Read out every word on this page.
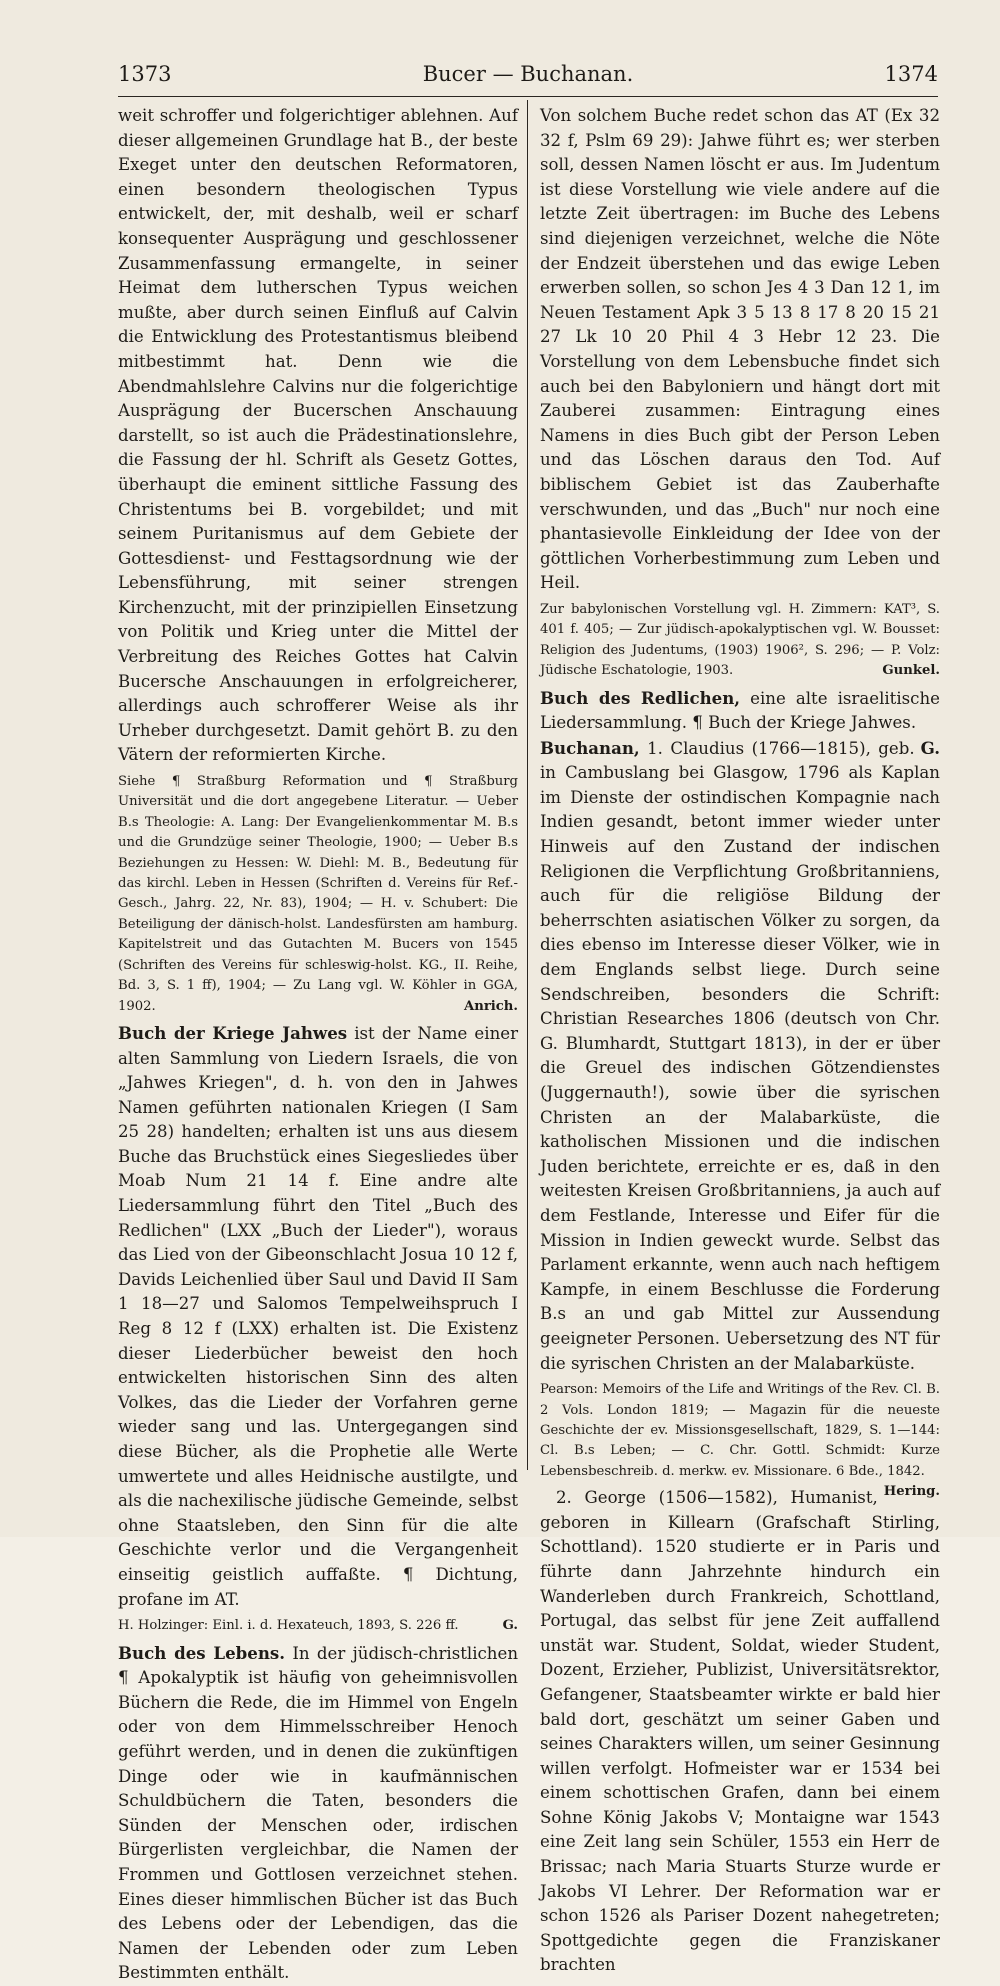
1373	Bucer — Buchanan.	1374

weit schroffer und folgerichtiger ablehnen. Auf dieser allgemeinen Grundlage hat B., der beste Exeget unter den deutschen Reformatoren, einen besondern theologischen Typus entwickelt, der, mit deshalb, weil er scharf konsequenter Ausprägung und geschlossener Zusammenfassung ermangelte, in seiner Heimat dem lutherschen Typus weichen mußte, aber durch seinen Einfluß auf Calvin die Entwicklung des Protestantismus bleibend mitbestimmt hat. Denn wie die Abendmahlslehre Calvins nur die folgerichtige Ausprägung der Bucerschen Anschauung darstellt, so ist auch die Prädestinationslehre, die Fassung der hl. Schrift als Gesetz Gottes, überhaupt die eminent sittliche Fassung des Christentums bei B. vorgebildet; und mit seinem Puritanismus auf dem Gebiete der Gottesdienst- und Festtagsordnung wie der Lebensführung, mit seiner strengen Kirchenzucht, mit der prinzipiellen Einsetzung von Politik und Krieg unter die Mittel der Verbreitung des Reiches Gottes hat Calvin Bucersche Anschauungen in erfolgreicherer, allerdings auch schrofferer Weise als ihr Urheber durchgesetzt. Damit gehört B. zu den Vätern der reformierten Kirche.

Siehe ¶ Straßburg Reformation und ¶ Straßburg Universität und die dort angegebene Literatur. — Ueber B.s Theologie: A. Lang: Der Evangelienkommentar M. B.s und die Grundzüge seiner Theologie, 1900; — Ueber B.s Beziehungen zu Hessen: W. Diehl: M. B., Bedeutung für das kirchl. Leben in Hessen (Schriften d. Vereins für Ref.-Gesch., Jahrg. 22, Nr. 83), 1904; — H. v. Schubert: Die Beteiligung der dänisch-holst. Landesfürsten am hamburg. Kapitelstreit und das Gutachten M. Bucers von 1545 (Schriften des Vereins für schleswig-holst. KG., II. Reihe, Bd. 3, S. 1 ff), 1904; — Zu Lang vgl. W. Köhler in GGA, 1902.	Anrich.

Buch der Kriege Jahwes ist der Name einer alten Sammlung von Liedern Israels, die von „Jahwes Kriegen", d. h. von den in Jahwes Namen geführten nationalen Kriegen (I Sam 25 28) handelten; erhalten ist uns aus diesem Buche das Bruchstück eines Siegesliedes über Moab Num 21 14 f. Eine andre alte Liedersammlung führt den Titel „Buch des Redlichen" (LXX „Buch der Lieder"), woraus das Lied von der Gibeonschlacht Josua 10 12 f, Davids Leichenlied über Saul und David II Sam 1 18—27 und Salomos Tempelweihspruch I Reg 8 12 f (LXX) erhalten ist. Die Existenz dieser Liederbücher beweist den hoch entwickelten historischen Sinn des alten Volkes, das die Lieder der Vorfahren gerne wieder sang und las. Untergegangen sind diese Bücher, als die Prophetie alle Werte umwertete und alles Heidnische austilgte, und als die nachexilische jüdische Gemeinde, selbst ohne Staatsleben, den Sinn für die alte Geschichte verlor und die Vergangenheit einseitig geistlich auffaßte. ¶ Dichtung, profane im AT.

H. Holzinger: Einl. i. d. Hexateuch, 1893, S. 226 ff.	G.

Buch des Lebens. In der jüdisch-christlichen ¶ Apokalyptik ist häufig von geheimnisvollen Büchern die Rede, die im Himmel von Engeln oder von dem Himmelsschreiber Henoch geführt werden, und in denen die zukünftigen Dinge oder wie in kaufmännischen Schuldbüchern die Taten, besonders die Sünden der Menschen oder, irdischen Bürgerlisten vergleichbar, die Namen der Frommen und Gottlosen verzeichnet stehen. Eines dieser himmlischen Bücher ist das Buch des Lebens oder der Lebendigen, das die Namen der Lebenden oder zum Leben Bestimmten enthält.

Von solchem Buche redet schon das AT (Ex 32 32 f, Pslm 69 29): Jahwe führt es; wer sterben soll, dessen Namen löscht er aus. Im Judentum ist diese Vorstellung wie viele andere auf die letzte Zeit übertragen: im Buche des Lebens sind diejenigen verzeichnet, welche die Nöte der Endzeit überstehen und das ewige Leben erwerben sollen, so schon Jes 4 3 Dan 12 1, im Neuen Testament Apk 3 5 13 8 17 8 20 15 21 27 Lk 10 20 Phil 4 3 Hebr 12 23. Die Vorstellung von dem Lebensbuche findet sich auch bei den Babyloniern und hängt dort mit Zauberei zusammen: Eintragung eines Namens in dies Buch gibt der Person Leben und das Löschen daraus den Tod. Auf biblischem Gebiet ist das Zauberhafte verschwunden, und das „Buch" nur noch eine phantasievolle Einkleidung der Idee von der göttlichen Vorherbestimmung zum Leben und Heil.

Zur babylonischen Vorstellung vgl. H. Zimmern: KAT³, S. 401 f. 405; — Zur jüdisch-apokalyptischen vgl. W. Bousset: Religion des Judentums, (1903) 1906², S. 296; — P. Volz: Jüdische Eschatologie, 1903.	Gunkel.

Buch des Redlichen, eine alte israelitische Liedersammlung. ¶ Buch der Kriege Jahwes.
G.

Buchanan, 1. Claudius (1766—1815), geb. in Cambuslang bei Glasgow, 1796 als Kaplan im Dienste der ostindischen Kompagnie nach Indien gesandt, betont immer wieder unter Hinweis auf den Zustand der indischen Religionen die Verpflichtung Großbritanniens, auch für die religiöse Bildung der beherrschten asiatischen Völker zu sorgen, da dies ebenso im Interesse dieser Völker, wie in dem Englands selbst liege. Durch seine Sendschreiben, besonders die Schrift: Christian Researches 1806 (deutsch von Chr. G. Blumhardt, Stuttgart 1813), in der er über die Greuel des indischen Götzendienstes (Juggernauth!), sowie über die syrischen Christen an der Malabarküste, die katholischen Missionen und die indischen Juden berichtete, erreichte er es, daß in den weitesten Kreisen Großbritanniens, ja auch auf dem Festlande, Interesse und Eifer für die Mission in Indien geweckt wurde. Selbst das Parlament erkannte, wenn auch nach heftigem Kampfe, in einem Beschlusse die Forderung B.s an und gab Mittel zur Aussendung geeigneter Personen. Uebersetzung des NT für die syrischen Christen an der Malabarküste.

Pearson: Memoirs of the Life and Writings of the Rev. Cl. B. 2 Vols. London 1819; — Magazin für die neueste Geschichte der ev. Missionsgesellschaft, 1829, S. 1—144: Cl. B.s Leben; — C. Chr. Gottl. Schmidt: Kurze Lebensbeschreib. d. merkw. ev. Missionare. 6 Bde., 1842.
Hering.

2. George (1506—1582), Humanist, geboren in Killearn (Grafschaft Stirling, Schottland). 1520 studierte er in Paris und führte dann Jahrzehnte hindurch ein Wanderleben durch Frankreich, Schottland, Portugal, das selbst für jene Zeit auffallend unstät war. Student, Soldat, wieder Student, Dozent, Erzieher, Publizist, Universitätsrektor, Gefangener, Staatsbeamter wirkte er bald hier bald dort, geschätzt um seiner Gaben und seines Charakters willen, um seiner Gesinnung willen verfolgt. Hofmeister war er 1534 bei einem schottischen Grafen, dann bei einem Sohne König Jakobs V; Montaigne war 1543 eine Zeit lang sein Schüler, 1553 ein Herr de Brissac; nach Maria Stuarts Sturze wurde er Jakobs VI Lehrer. Der Reformation war er schon 1526 als Pariser Dozent nahegetreten; Spottgedichte gegen die Franziskaner brachten
